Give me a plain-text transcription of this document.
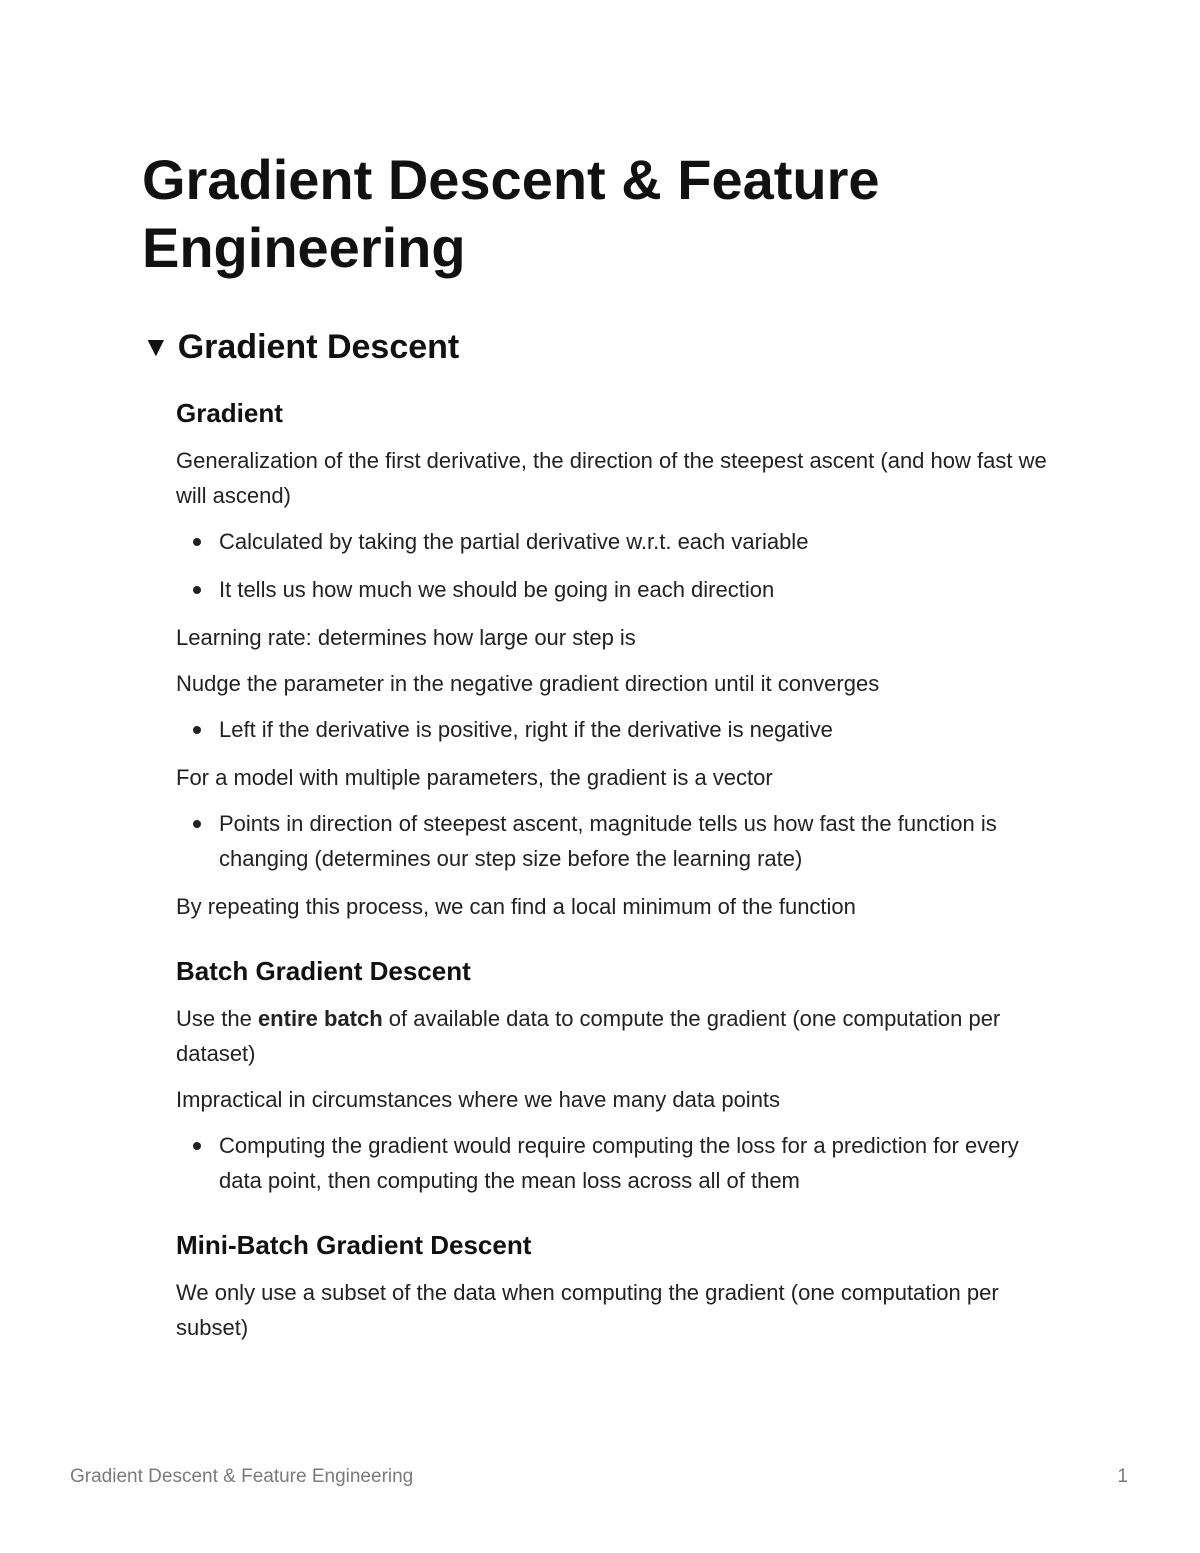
Gradient Descent & Feature Engineering
▼ Gradient Descent
Gradient

Generalization of the first derivative, the direction of the steepest ascent (and how fast we will ascend)

Calculated by taking the partial derivative w.r.t. each variable
It tells us how much we should be going in each direction

Learning rate: determines how large our step is

Nudge the parameter in the negative gradient direction until it converges

Left if the derivative is positive, right if the derivative is negative

For a model with multiple parameters, the gradient is a vector

Points in direction of steepest ascent, magnitude tells us how fast the function is changing (determines our step size before the learning rate)

By repeating this process, we can find a local minimum of the function

Batch Gradient Descent

Use the entire batch of available data to compute the gradient (one computation per dataset)

Impractical in circumstances where we have many data points

Computing the gradient would require computing the loss for a prediction for every data point, then computing the mean loss across all of them
Mini-Batch Gradient Descent

We only use a subset of the data when computing the gradient (one computation per subset)

Gradient Descent & Feature Engineering	1
